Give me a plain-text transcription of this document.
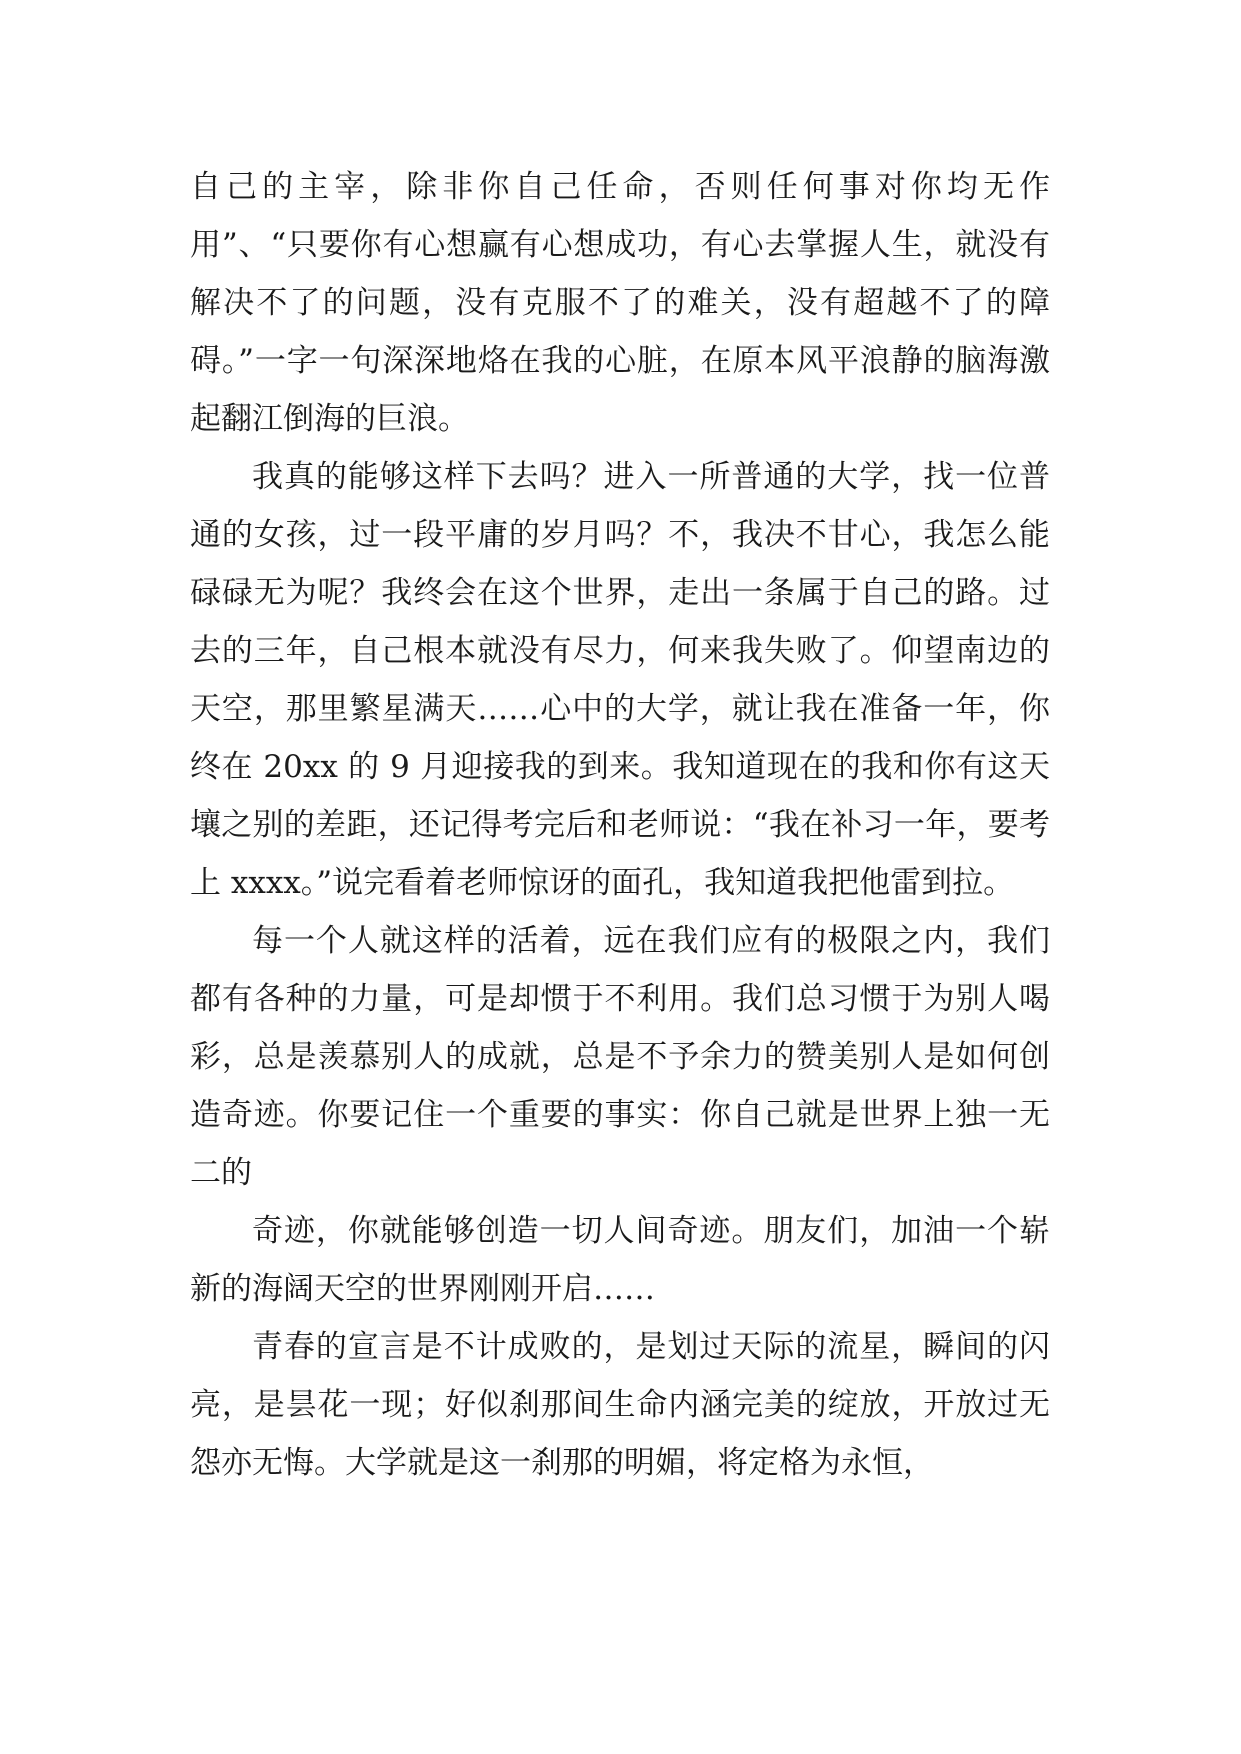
自己的主宰，除非你自己任命，否则任何事对你均无作用”、“只要你有心想赢有心想成功，有心去掌握人生，就没有解决不了的问题，没有克服不了的难关，没有超越不了的障碍。”一字一句深深地烙在我的心脏，在原本风平浪静的脑海激起翻江倒海的巨浪。

我真的能够这样下去吗？进入一所普通的大学，找一位普通的女孩，过一段平庸的岁月吗？不，我决不甘心，我怎么能碌碌无为呢？我终会在这个世界，走出一条属于自己的路。过去的三年，自己根本就没有尽力，何来我失败了。仰望南边的天空，那里繁星满天……心中的大学，就让我在准备一年，你终在 20xx 的 9 月迎接我的到来。我知道现在的我和你有这天壤之别的差距，还记得考完后和老师说：“我在补习一年，要考上 xxxx。”说完看着老师惊讶的面孔，我知道我把他雷到拉。

每一个人就这样的活着，远在我们应有的极限之内，我们都有各种的力量，可是却惯于不利用。我们总习惯于为别人喝彩，总是羡慕别人的成就，总是不予余力的赞美别人是如何创造奇迹。你要记住一个重要的事实：你自己就是世界上独一无二的

奇迹，你就能够创造一切人间奇迹。朋友们，加油一个崭新的海阔天空的世界刚刚开启……

青春的宣言是不计成败的，是划过天际的流星，瞬间的闪亮，是昙花一现；好似刹那间生命内涵完美的绽放，开放过无怨亦无悔。大学就是这一刹那的明媚，将定格为永恒，
